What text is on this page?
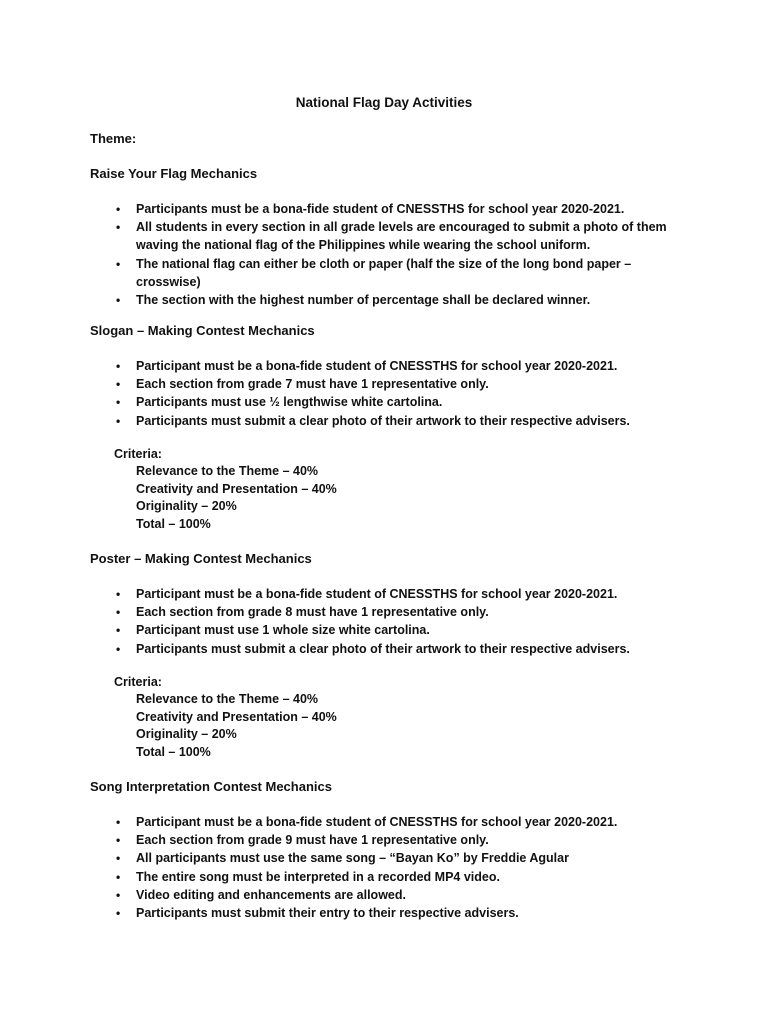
National Flag Day Activities
Theme:
Raise Your Flag Mechanics
• Participants must be a bona-fide student of CNESSTHS for school year 2020-2021.
• All students in every section in all grade levels are encouraged to submit a photo of them waving the national flag of the Philippines while wearing the school uniform.
• The national flag can either be cloth or paper (half the size of the long bond paper – crosswise)
• The section with the highest number of percentage shall be declared winner.
Slogan – Making Contest Mechanics
• Participant must be a bona-fide student of CNESSTHS for school year 2020-2021.
• Each section from grade 7 must have 1 representative only.
• Participants must use ½ lengthwise white cartolina.
• Participants must submit a clear photo of their artwork to their respective advisers.
Criteria:
Relevance to the Theme – 40%
Creativity and Presentation – 40%
Originality – 20%
Total – 100%
Poster – Making Contest Mechanics
• Participant must be a bona-fide student of CNESSTHS for school year 2020-2021.
• Each section from grade 8 must have 1 representative only.
• Participant must use 1 whole size white cartolina.
• Participants must submit a clear photo of their artwork to their respective advisers.
Criteria:
Relevance to the Theme – 40%
Creativity and Presentation – 40%
Originality – 20%
Total – 100%
Song Interpretation Contest Mechanics
• Participant must be a bona-fide student of CNESSTHS for school year 2020-2021.
• Each section from grade 9 must have 1 representative only.
• All participants must use the same song – “Bayan Ko” by Freddie Agular
• The entire song must be interpreted in a recorded MP4 video.
• Video editing and enhancements are allowed.
• Participants must submit their entry to their respective advisers.
